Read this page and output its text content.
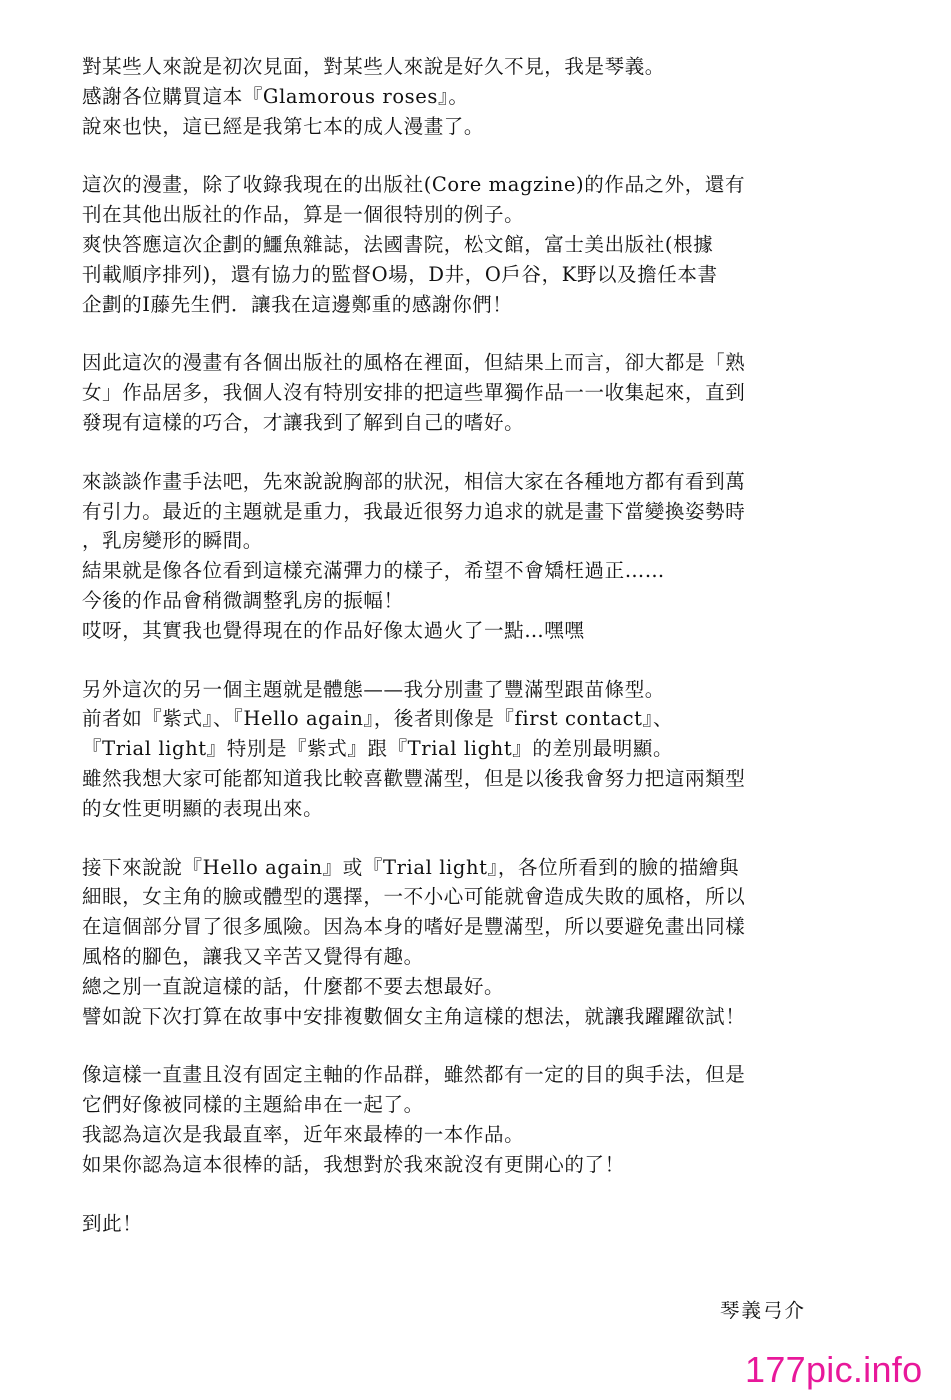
對某些人來說是初次見面，對某些人來說是好久不見，我是琴義。
感謝各位購買這本『Glamorous roses』。
說來也快，這已經是我第七本的成人漫畫了。
這次的漫畫，除了收錄我現在的出版社(Core magzine)的作品之外，還有
刊在其他出版社的作品，算是一個很特別的例子。
爽快答應這次企劃的鱷魚雜誌，法國書院，松文館，富士美出版社(根據
刊載順序排列)，還有協力的監督O場，D井，O戶谷，K野以及擔任本書
企劃的I藤先生們．讓我在這邊鄭重的感謝你們！
因此這次的漫畫有各個出版社的風格在裡面，但結果上而言，卻大都是「熟
女」作品居多，我個人沒有特別安排的把這些單獨作品一一收集起來，直到
發現有這樣的巧合，才讓我到了解到自己的嗜好。
來談談作畫手法吧，先來說說胸部的狀況，相信大家在各種地方都有看到萬
有引力。最近的主題就是重力，我最近很努力追求的就是畫下當變換姿勢時
，乳房變形的瞬間。
結果就是像各位看到這樣充滿彈力的樣子，希望不會矯枉過正……
今後的作品會稍微調整乳房的振幅！
哎呀，其實我也覺得現在的作品好像太過火了一點…嘿嘿
另外這次的另一個主題就是體態——我分別畫了豐滿型跟苗條型。
前者如『紫式』、『Hello again』，後者則像是『first contact』、
『Trial light』特別是『紫式』跟『Trial light』的差別最明顯。
雖然我想大家可能都知道我比較喜歡豐滿型，但是以後我會努力把這兩類型
的女性更明顯的表現出來。
接下來說說『Hello again』或『Trial light』，各位所看到的臉的描繪與
細眼，女主角的臉或體型的選擇，一不小心可能就會造成失敗的風格，所以
在這個部分冒了很多風險。因為本身的嗜好是豐滿型，所以要避免畫出同樣
風格的腳色，讓我又辛苦又覺得有趣。
總之別一直說這樣的話，什麼都不要去想最好。
譬如說下次打算在故事中安排複數個女主角這樣的想法，就讓我躍躍欲試！
像這樣一直畫且沒有固定主軸的作品群，雖然都有一定的目的與手法，但是
它們好像被同樣的主題給串在一起了。
我認為這次是我最直率，近年來最棒的一本作品。
如果你認為這本很棒的話，我想對於我來說沒有更開心的了！
到此！
琴義弓介
177pic.info
